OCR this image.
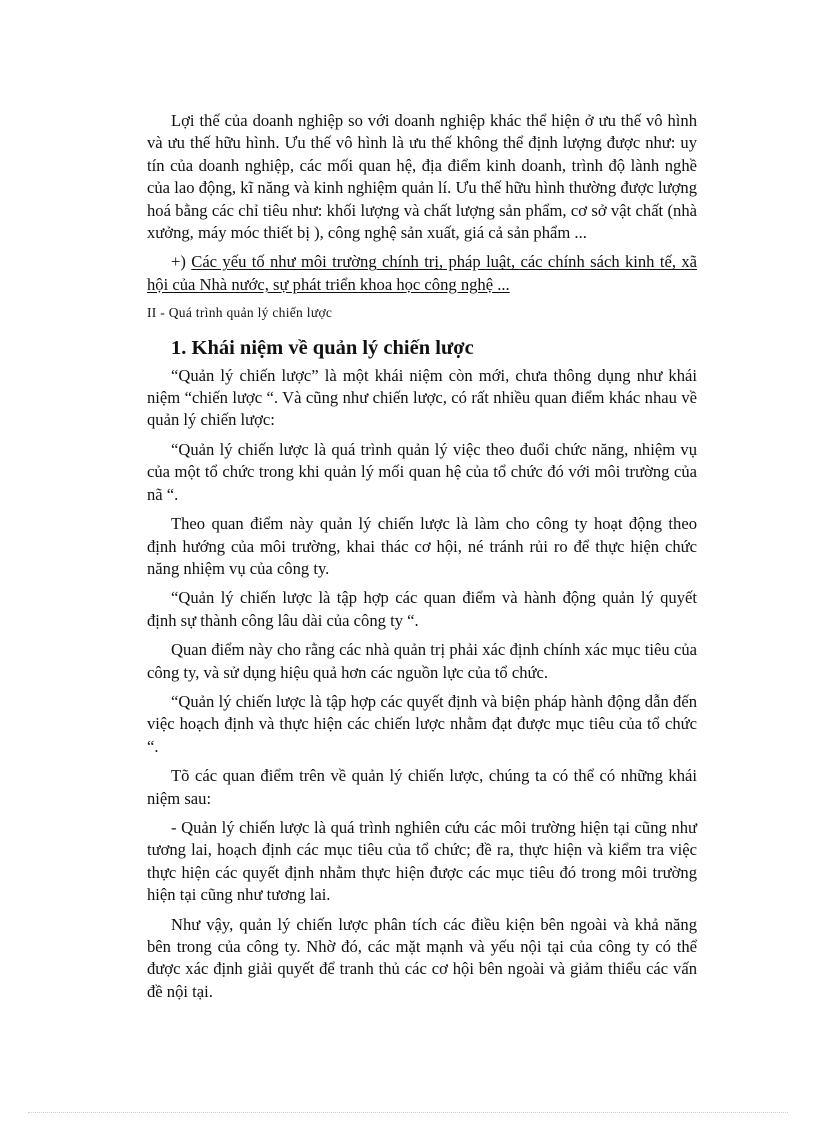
Lợi thế của doanh nghiệp so với doanh nghiệp khác thể hiện ở ưu thế vô hình và ưu thế hữu hình. Ưu thế vô hình là ưu thế không thể định lượng được như: uy tín của doanh nghiệp, các mối quan hệ, địa điểm kinh doanh, trình độ lành nghề của lao động, kĩ năng và kinh nghiệm quản lí. Ưu thế hữu hình thường được lượng hoá bằng các chỉ tiêu như: khối lượng và chất lượng sản phẩm, cơ sở vật chất (nhà xưởng, máy móc thiết bị ), công nghệ sản xuất, giá cả sản phẩm ...

+) Các yếu tố như môi trường chính trị, pháp luật, các chính sách kinh tế, xã hội của Nhà nước, sự phát triển khoa học công nghệ ...

II - Quá trình quản lý chiến lược

1. Khái niệm về quản lý chiến lược

“Quản lý chiến lược” là một khái niệm còn mới, chưa thông dụng như khái niệm “chiến lược “. Và cũng như chiến lược, có rất nhiều quan điểm khác nhau về quản lý chiến lược:

“Quản lý chiến lược là quá trình quản lý việc theo đuổi chức năng, nhiệm vụ của một tổ chức trong khi quản lý mối quan hệ của tổ chức đó với môi trường của nã “.

Theo quan điểm này quản lý chiến lược là làm cho công ty hoạt động theo định hướng của môi trường, khai thác cơ hội, né tránh rủi ro để thực hiện chức năng nhiệm vụ của công ty.

“Quản lý chiến lược là tập hợp các quan điểm và hành động quản lý quyết định sự thành công lâu dài của công ty “.

Quan điểm này cho rằng các nhà quản trị phải xác định chính xác mục tiêu của công ty, và sử dụng hiệu quả hơn các nguồn lực của tổ chức.

“Quản lý chiến lược là tập hợp các quyết định và biện pháp hành động dẫn đến việc hoạch định và thực hiện các chiến lược nhằm đạt được mục tiêu của tổ chức “.

Tõ các quan điểm trên về quản lý chiến lược, chúng ta có thể có những khái niệm sau:

- Quản lý chiến lược là quá trình nghiên cứu các môi trường hiện tại cũng như tương lai, hoạch định các mục tiêu của tổ chức; đề ra, thực hiện và kiểm tra việc thực hiện các quyết định nhằm thực hiện được các mục tiêu đó trong môi trường hiện tại cũng như tương lai.

Như vậy, quản lý chiến lược phân tích các điều kiện bên ngoài và khả năng bên trong của công ty. Nhờ đó, các mặt mạnh và yếu nội tại của công ty có thể được xác định giải quyết để tranh thủ các cơ hội bên ngoài và giảm thiểu các vấn đề nội tại.
